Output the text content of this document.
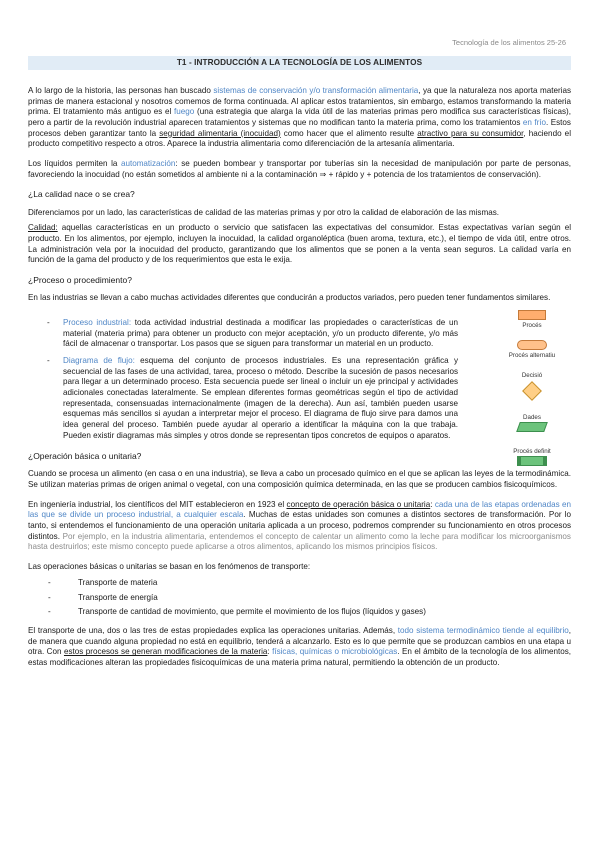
Tecnología de los alimentos 25-26
T1 - INTRODUCCIÓN A LA TECNOLOGÍA DE LOS ALIMENTOS

A lo largo de la historia, las personas han buscado sistemas de conservación y/o transformación alimentaria, ya que la naturaleza nos aporta materias primas de manera estacional y nosotros comemos de forma continuada. Al aplicar estos tratamientos, sin embargo, estamos transformando la materia prima. El tratamiento más antiguo es el fuego (una estrategia que alarga la vida útil de las materias primas pero modifica sus características físicas), pero a partir de la revolución industrial aparecen tratamientos y sistemas que no modifican tanto la materia prima, como los tratamientos en frío. Estos procesos deben garantizar tanto la seguridad alimentaria (inocuidad) como hacer que el alimento resulte atractivo para su consumidor, haciendo el producto competitivo respecto a otros. Aparece la industria alimentaria como diferenciación de la artesanía alimentaria.

Los líquidos permiten la automatización: se pueden bombear y transportar por tuberías sin la necesidad de manipulación por parte de personas, favoreciendo la inocuidad (no están sometidos al ambiente ni a la contaminación ⇒ + rápido y + potencia de los tratamientos de conservación).

¿La calidad nace o se crea?

Diferenciamos por un lado, las características de calidad de las materias primas y por otro la calidad de elaboración de las mismas.

Calidad: aquellas características en un producto o servicio que satisfacen las expectativas del consumidor. Estas expectativas varían según el producto. En los alimentos, por ejemplo, incluyen la inocuidad, la calidad organoléptica (buen aroma, textura, etc.), el tiempo de vida útil, entre otros. La administración vela por la inocuidad del producto, garantizando que los alimentos que se ponen a la venta sean seguros. La calidad varía en función de la gama del producto y de los requerimientos que esta le exija.

¿Proceso o procedimiento?

En las industrias se llevan a cabo muchas actividades diferentes que conducirán a productos variados, pero pueden tener fundamentos similares.

- Proceso industrial: toda actividad industrial destinada a modificar las propiedades o características de un material (materia prima) para obtener un producto con mejor aceptación, y/o un producto diferente, y/o más fácil de almacenar o transportar. Los pasos que se siguen para transformar un material en un producto.
- Diagrama de flujo: esquema del conjunto de procesos industriales. Es una representación gráfica y secuencial de las fases de una actividad, tarea, proceso o método. Describe la sucesión de pasos necesarios para llegar a un determinado proceso. Esta secuencia puede ser lineal o incluir un eje principal y actividades adicionales conectadas lateralmente. Se emplean diferentes formas geométricas según el tipo de actividad representada, consensuadas internacionalmente (imagen de la derecha). Aun así, también pueden usarse esquemas más sencillos si ayudan a interpretar mejor el proceso. El diagrama de flujo sirve para damos una idea general del proceso. También puede ayudar al operario a identificar la máquina con la que trabaja. Pueden existir diagramas más simples y otros donde se representan tipos concretos de equipos o aparatos.
Procés
Procés alternatiu
Decisió
Dades
Procés definit
¿Operación básica o unitaria?

Cuando se procesa un alimento (en casa o en una industria), se lleva a cabo un procesado químico en el que se aplican las leyes de la termodinámica. Se utilizan materias primas de origen animal o vegetal, con una composición química determinada, en las que se producen cambios fisicoquímicos.

En ingeniería industrial, los científicos del MIT establecieron en 1923 el concepto de operación básica o unitaria: cada una de las etapas ordenadas en las que se divide un proceso industrial, a cualquier escala. Muchas de estas unidades son comunes a distintos sectores de transformación. Por lo tanto, si entendemos el funcionamiento de una operación unitaria aplicada a un proceso, podremos comprender su funcionamiento en otros procesos distintos. Por ejemplo, en la industria alimentaria, entendemos el concepto de calentar un alimento como la leche para modificar los microorganismos hasta destruirlos; este mismo concepto puede aplicarse a otros alimentos, aplicando los mismos principios físicos.

Las operaciones básicas o unitarias se basan en los fenómenos de transporte:

- Transporte de materia
- Transporte de energía
- Transporte de cantidad de movimiento, que permite el movimiento de los flujos (líquidos y gases)

El transporte de una, dos o las tres de estas propiedades explica las operaciones unitarias. Además, todo sistema termodinámico tiende al equilibrio, de manera que cuando alguna propiedad no está en equilibrio, tenderá a alcanzarlo. Esto es lo que permite que se produzcan cambios en una etapa u otra. Con estos procesos se generan modificaciones de la materia: físicas, químicas o microbiológicas. En el ámbito de la tecnología de los alimentos, estas modificaciones alteran las propiedades fisicoquímicas de una materia prima natural, permitiendo la obtención de un producto.
